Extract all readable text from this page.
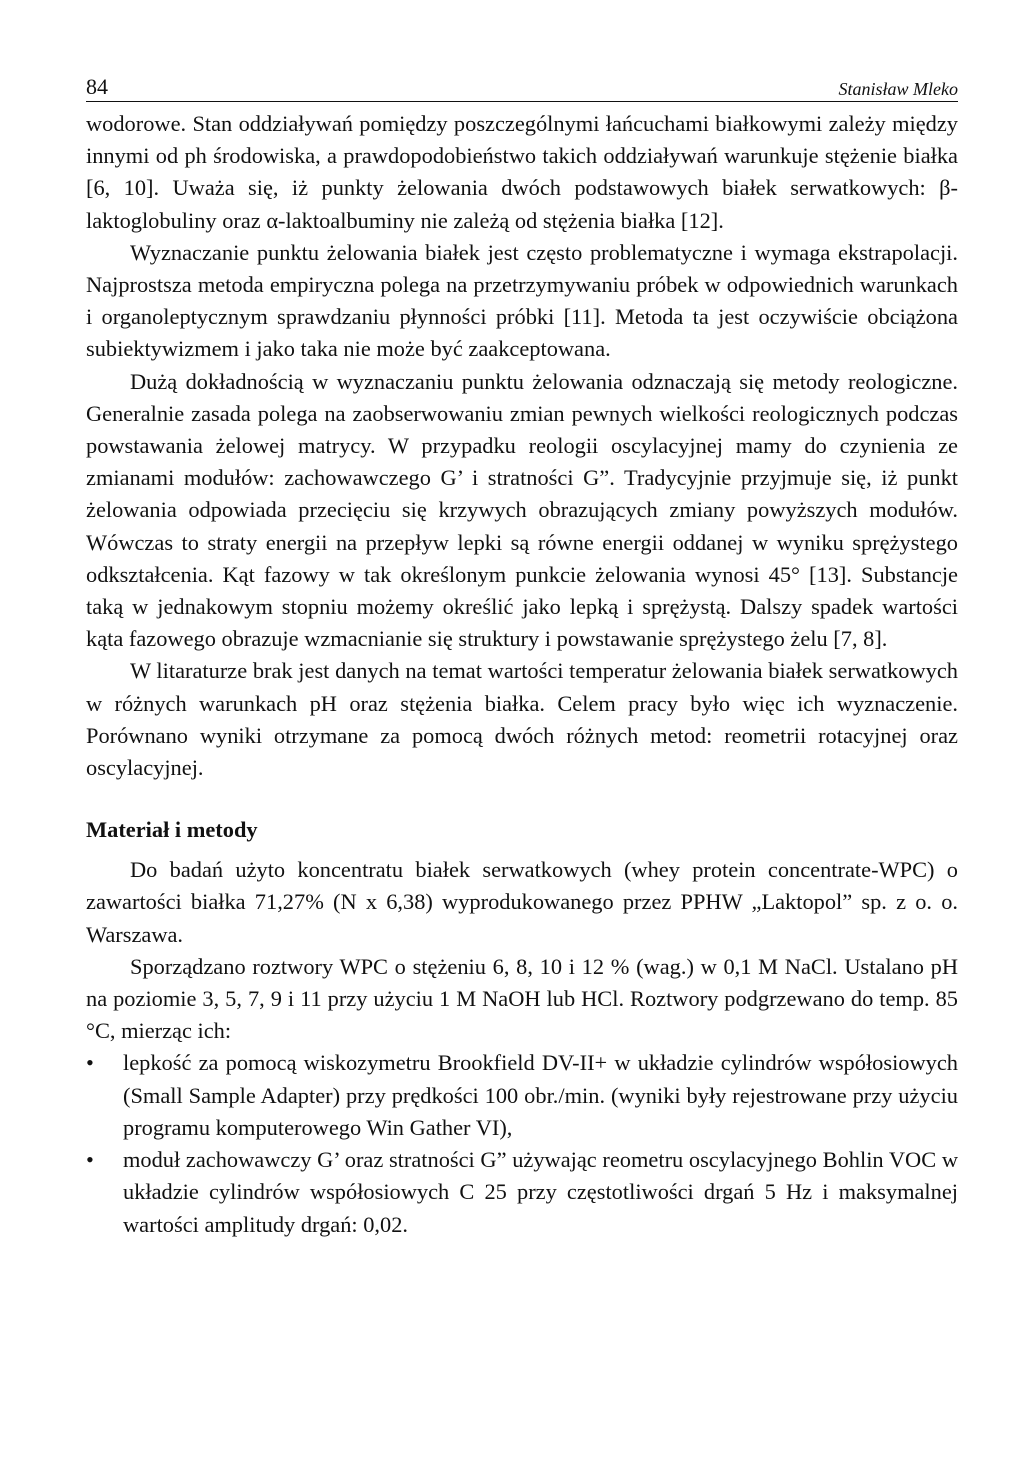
84	Stanisław Mleko

wodorowe. Stan oddziaływań pomiędzy poszczególnymi łańcuchami białkowymi zależy między innymi od ph środowiska, a prawdopodobieństwo takich oddziaływań warunkuje stężenie białka [6, 10]. Uważa się, iż punkty żelowania dwóch podstawowych białek serwatkowych: β-laktoglobuliny oraz α-laktoalbuminy nie zależą od stężenia białka [12].

Wyznaczanie punktu żelowania białek jest często problematyczne i wymaga ekstrapolacji. Najprostsza metoda empiryczna polega na przetrzymywaniu próbek w odpowiednich warunkach i organoleptycznym sprawdzaniu płynności próbki [11]. Metoda ta jest oczywiście obciążona subiektywizmem i jako taka nie może być zaakceptowana.

Dużą dokładnością w wyznaczaniu punktu żelowania odznaczają się metody reologiczne. Generalnie zasada polega na zaobserwowaniu zmian pewnych wielkości reologicznych podczas powstawania żelowej matrycy. W przypadku reologii oscylacyjnej mamy do czynienia ze zmianami modułów: zachowawczego G’ i stratności G”. Tradycyjnie przyjmuje się, iż punkt żelowania odpowiada przecięciu się krzywych obrazujących zmiany powyższych modułów. Wówczas to straty energii na przepływ lepki są równe energii oddanej w wyniku sprężystego odkształcenia. Kąt fazowy w tak określonym punkcie żelowania wynosi 45° [13]. Substancje taką w jednakowym stopniu możemy określić jako lepką i sprężystą. Dalszy spadek wartości kąta fazowego obrazuje wzmacnianie się struktury i powstawanie sprężystego żelu [7, 8].

W litaraturze brak jest danych na temat wartości temperatur żelowania białek serwatkowych w różnych warunkach pH oraz stężenia białka. Celem pracy było więc ich wyznaczenie. Porównano wyniki otrzymane za pomocą dwóch różnych metod: reometrii rotacyjnej oraz oscylacyjnej.

Materiał i metody

Do badań użyto koncentratu białek serwatkowych (whey protein concentrate-WPC) o zawartości białka 71,27% (N x 6,38) wyprodukowanego przez PPHW „Laktopol” sp. z o. o. Warszawa.

Sporządzano roztwory WPC o stężeniu 6, 8, 10 i 12 % (wag.) w 0,1 M NaCl. Ustalano pH na poziomie 3, 5, 7, 9 i 11 przy użyciu 1 M NaOH lub HCl. Roztwory podgrzewano do temp. 85 °C, mierząc ich:

• lepkość za pomocą wiskozymetru Brookfield DV-II+ w układzie cylindrów współosiowych (Small Sample Adapter) przy prędkości 100 obr./min. (wyniki były rejestrowane przy użyciu programu komputerowego Win Gather VI),
• moduł zachowawczy G’ oraz stratności G” używając reometru oscylacyjnego Bohlin VOC w układzie cylindrów współosiowych C 25 przy częstotliwości drgań 5 Hz i maksymalnej wartości amplitudy drgań: 0,02.
